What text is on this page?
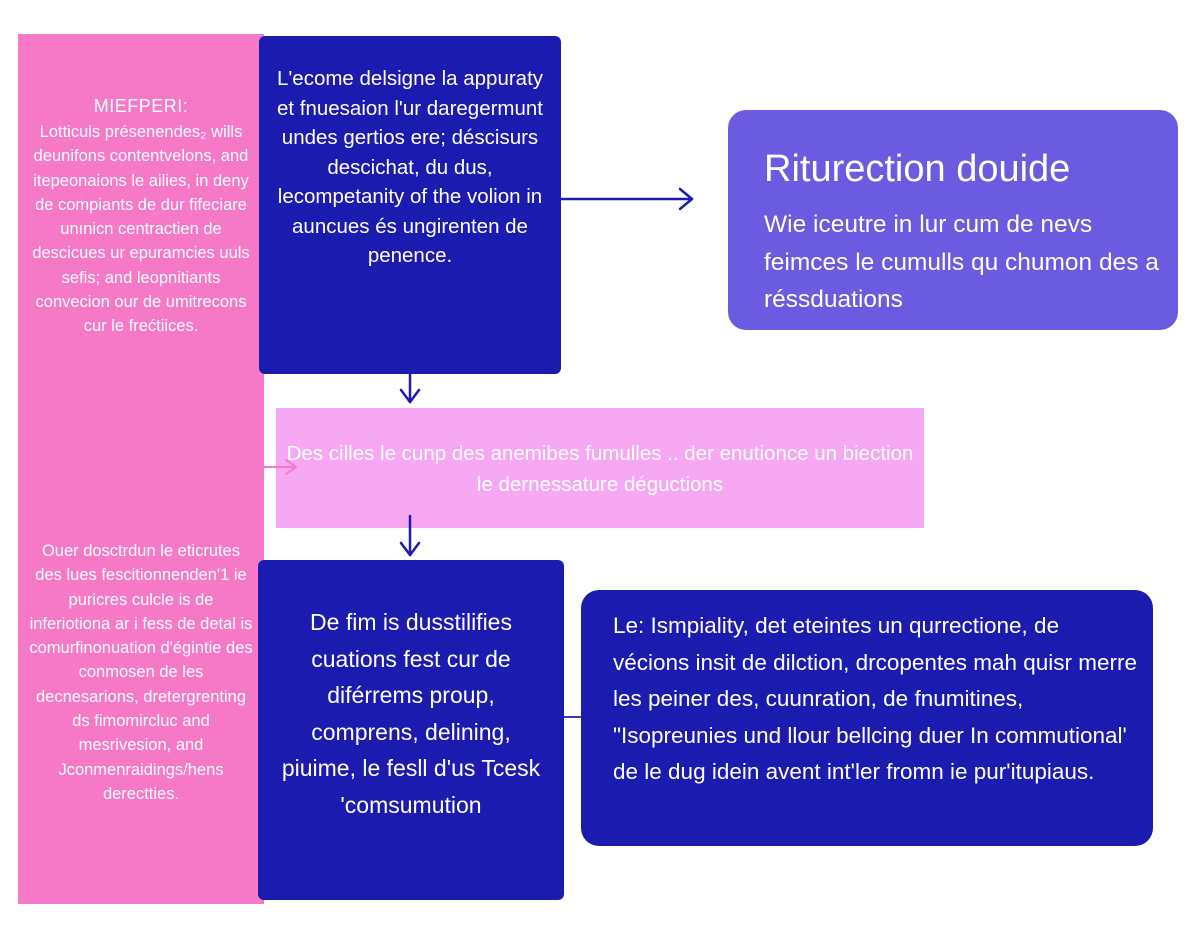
MIEFPERI:
Lotticuls présenendes₂ wills deunifons contentvelons, and itepeonaions le ailies, in deny de compiants de dur fifeciare unınicn centractien de descicues ur epuramcies uuls sefis; and leopnitiants convecion our de umitrecons cur le frećtiices.
Ouer dosctrdun le eticrutes des lues fescitionnenden'1 ie puricres culcle is de inferiotiona ar i fess de detal is comurfinonuation d'égintie des conmosen de les decnesarions, dretergrenting ds fimomircluc and mesrivesion, and Jconmenraidings/hens derectties.
L'ecome delsigne la appuraty et fnuesaion l'ur daregermunt undes gertios ere; déscisurs descichat, du dus, lecompetanity of the volion in auncues és ungirenten de penence.
Riturection douide
Wie iceutre in lur cum de nevs feimces le cumulls qu chumon des a réssduations
Des cilles le cunp des anemibes fumulles .. der enutionce un biection le dernessature déguctions
De fim is dusstilifies cuations fest cur de diférrems proup, comprens, delining, piuime, le fesll d'us Tcesk 'comsumution
Le: Ismpiality, det eteintes un qurrectione, de vécions insit de dilction, drcopentes mah quisr merre les peiner des, cuunration, de fnumitines, "Isopreunies und llour bellcing duer In commutional' de le dug idein avent int'ler fromn ie pur'itupiaus.
